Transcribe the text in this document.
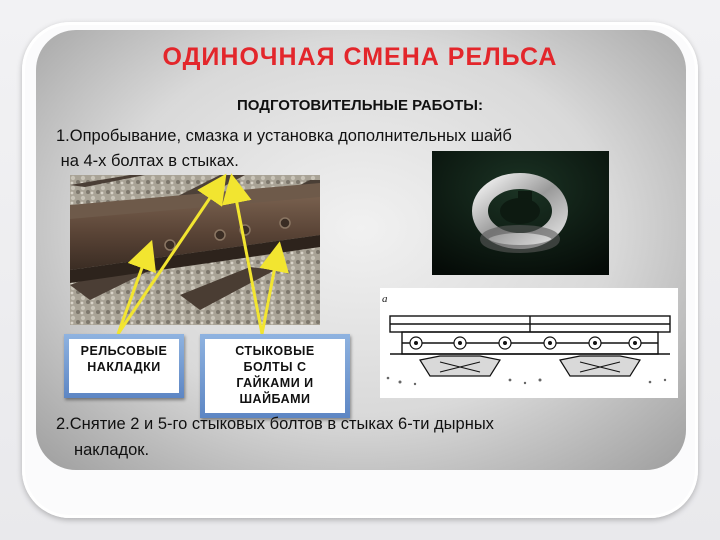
ОДИНОЧНАЯ СМЕНА РЕЛЬСА
ПОДГОТОВИТЕЛЬНЫЕ РАБОТЫ:
1.Опробывание, смазка и установка дополнительных шайб
на 4-х болтах в стыках.
а
РЕЛЬСОВЫЕ
НАКЛАДКИ
СТЫКОВЫЕ
БОЛТЫ С
ГАЙКАМИ И
ШАЙБАМИ
2.Снятие 2 и 5-го стыковых болтов в стыках 6-ти дырных
накладок.
